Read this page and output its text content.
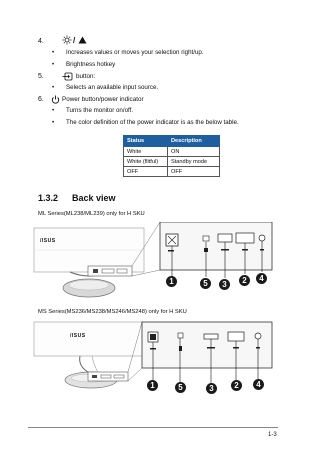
4.	/
• Increases values or moves your selection right/up.
• Brightness hotkey
5.	button:
• Selects an available input source.
6.	Power button/power indicator
• Turns the monitor on/off.
• The color definition of the power indicator is as the below table.
Status	Description
White	ON
White (flitful)	Standby mode
OFF	OFF
1.3.2 Back view
ML Series(ML238/ML239) only for H SKU
/ISUS
1	5	3	2	4
MS Series(MS236/MS238/MS246/MS248) only for H SKU
/ISUS
1	5	3	2	4
1-3
